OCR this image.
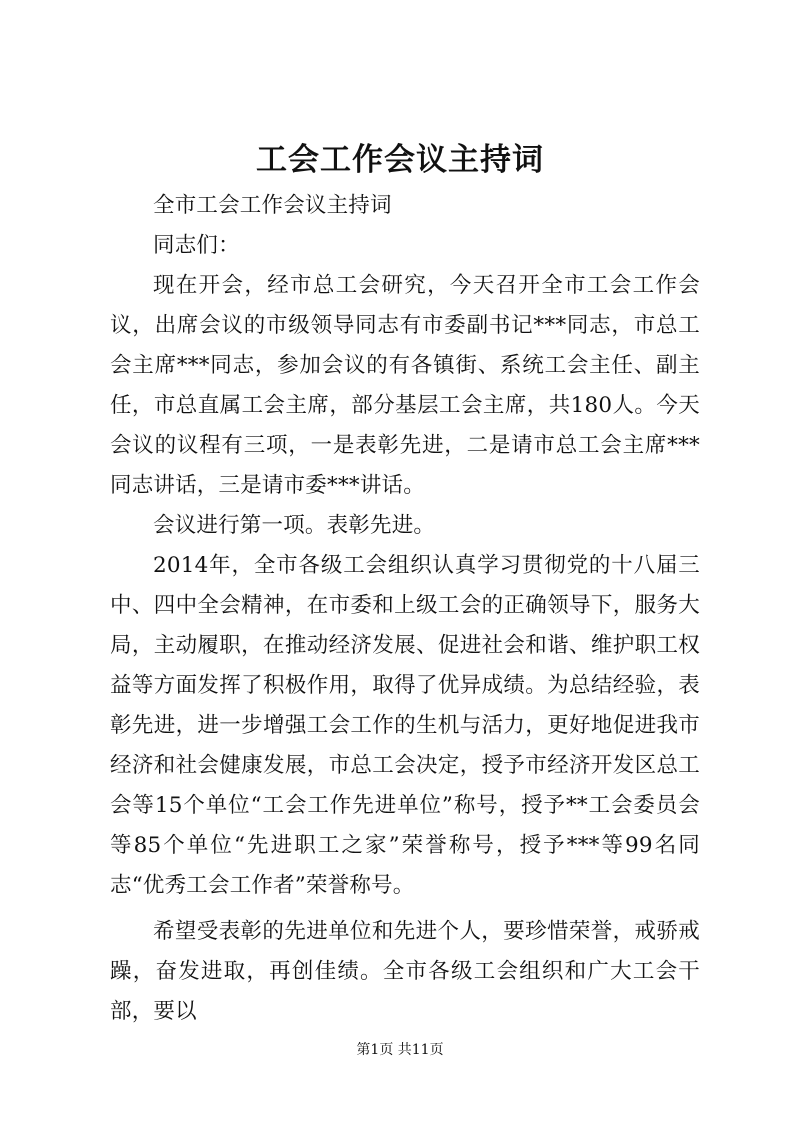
工会工作会议主持词

全市工会工作会议主持词

同志们：

现在开会，经市总工会研究，今天召开全市工会工作会议，出席会议的市级领导同志有市委副书记***同志，市总工会主席***同志，参加会议的有各镇街、系统工会主任、副主任，市总直属工会主席，部分基层工会主席，共180人。今天会议的议程有三项，一是表彰先进，二是请市总工会主席***同志讲话，三是请市委***讲话。

会议进行第一项。表彰先进。

2014年，全市各级工会组织认真学习贯彻党的十八届三中、四中全会精神，在市委和上级工会的正确领导下，服务大局，主动履职，在推动经济发展、促进社会和谐、维护职工权益等方面发挥了积极作用，取得了优异成绩。为总结经验，表彰先进，进一步增强工会工作的生机与活力，更好地促进我市经济和社会健康发展，市总工会决定，授予市经济开发区总工会等15个单位“工会工作先进单位”称号，授予**工会委员会等85个单位“先进职工之家”荣誉称号，授予***等99名同志“优秀工会工作者”荣誉称号。

希望受表彰的先进单位和先进个人，要珍惜荣誉，戒骄戒躁，奋发进取，再创佳绩。全市各级工会组织和广大工会干部，要以

第1页 共11页
